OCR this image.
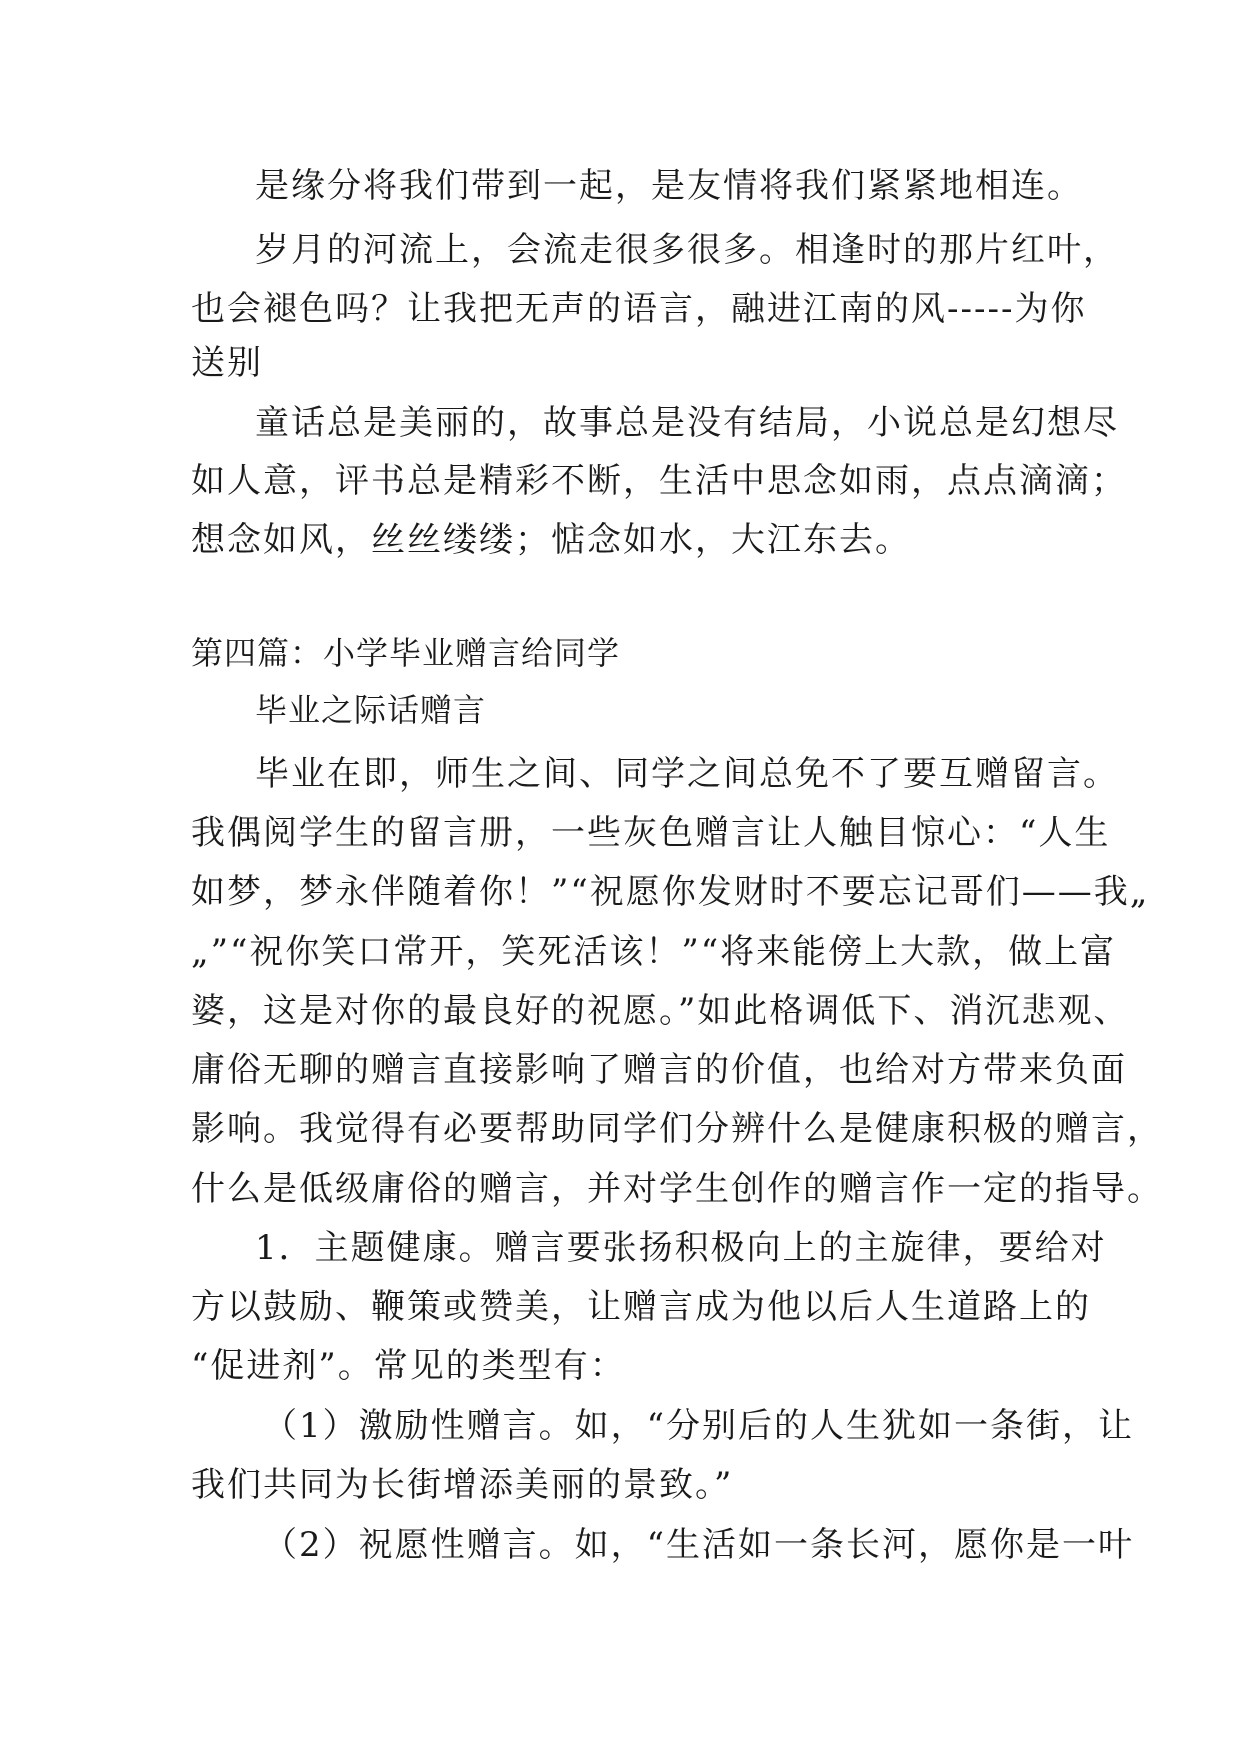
是缘分将我们带到一起，是友情将我们紧紧地相连。
岁月的河流上，会流走很多很多。相逢时的那片红叶，
也会褪色吗？让我把无声的语言，融进江南的风-----为你
送别
童话总是美丽的，故事总是没有结局，小说总是幻想尽
如人意，评书总是精彩不断，生活中思念如雨，点点滴滴；
想念如风，丝丝缕缕；惦念如水，大江东去。
第四篇：小学毕业赠言给同学
毕业之际话赠言
毕业在即，师生之间、同学之间总免不了要互赠留言。
我偶阅学生的留言册，一些灰色赠言让人触目惊心：“人生
如梦，梦永伴随着你！”“祝愿你发财时不要忘记哥们——我„
„”“祝你笑口常开，笑死活该！”“将来能傍上大款，做上富
婆，这是对你的最良好的祝愿。”如此格调低下、消沉悲观、
庸俗无聊的赠言直接影响了赠言的价值，也给对方带来负面
影响。我觉得有必要帮助同学们分辨什么是健康积极的赠言，
什么是低级庸俗的赠言，并对学生创作的赠言作一定的指导。
1．主题健康。赠言要张扬积极向上的主旋律，要给对
方以鼓励、鞭策或赞美，让赠言成为他以后人生道路上的
“促进剂”。常见的类型有：
（1）激励性赠言。如，“分别后的人生犹如一条街，让
我们共同为长街增添美丽的景致。”
（2）祝愿性赠言。如，“生活如一条长河，愿你是一叶
